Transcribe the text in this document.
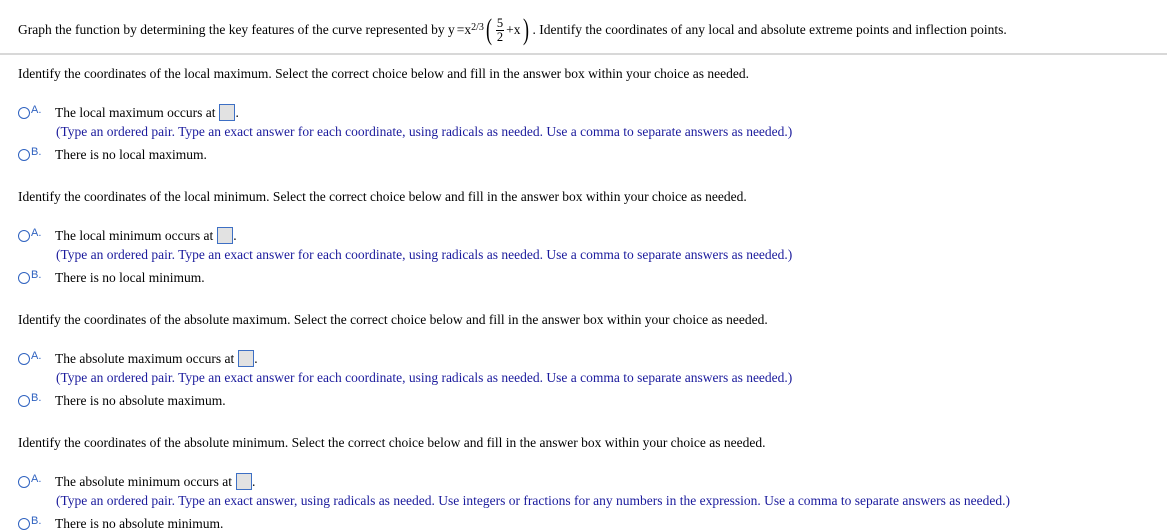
Graph the function by determining the key features of the curve represented by $y = x^{2/3}$ ( $\frac{5}{2} +x$ ) . Identify the coordinates of any local and absolute extreme points and inflection points.
Identify the coordinates of the local maximum. Select the correct choice below and fill in the answer box within your choice as needed.
A.	The local maximum occurs at .
(Type an ordered pair. Type an exact answer for each coordinate, using radicals as needed. Use a comma to separate answers as needed.)
B.	There is no local maximum.
Identify the coordinates of the local minimum. Select the correct choice below and fill in the answer box within your choice as needed.
A.	The local minimum occurs at .
(Type an ordered pair. Type an exact answer for each coordinate, using radicals as needed. Use a comma to separate answers as needed.)
B.	There is no local minimum.
Identify the coordinates of the absolute maximum. Select the correct choice below and fill in the answer box within your choice as needed.
A.	The absolute maximum occurs at .
(Type an ordered pair. Type an exact answer for each coordinate, using radicals as needed. Use a comma to separate answers as needed.)
B.	There is no absolute maximum.
Identify the coordinates of the absolute minimum. Select the correct choice below and fill in the answer box within your choice as needed.
A.	The absolute minimum occurs at .
(Type an ordered pair. Type an exact answer, using radicals as needed. Use integers or fractions for any numbers in the expression. Use a comma to separate answers as needed.)
B.	There is no absolute minimum.
